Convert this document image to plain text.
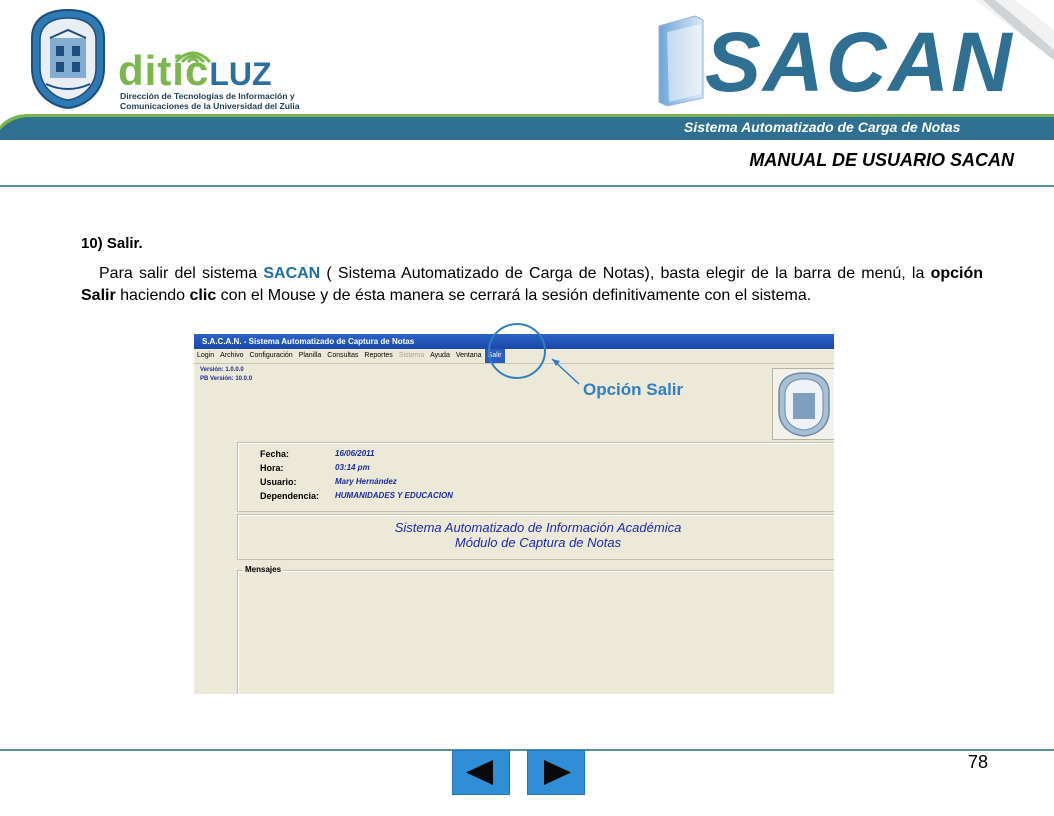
diticLUZ
Dirección de Tecnologías de Información y
Comunicaciones de la Universidad del Zulia	SACAN
Sistema Automatizado de Carga de Notas
MANUAL DE USUARIO SACAN
10) Salir.
Para salir del sistema SACAN ( Sistema Automatizado de Carga de Notas), basta elegir de la barra de menú, la opción Salir haciendo clic con el Mouse y de ésta manera se cerrará la sesión definitivamente con el sistema.
S.A.C.A.N. - Sistema Automatizado de Captura de Notas
Login Archivo Configuración Planilla Consultas Reportes Sistema Ayuda Ventana Salir
Versión: 1.0.0.0
PB Versión: 10.0.0
Fecha:	16/06/2011
Hora:	03:14 pm
Usuario:	Mary Hernández
Dependencia: HUMANIDADES Y EDUCACION
Sistema Automatizado de Información Académica
Módulo de Captura de Notas
Mensajes
Opción Salir
78
